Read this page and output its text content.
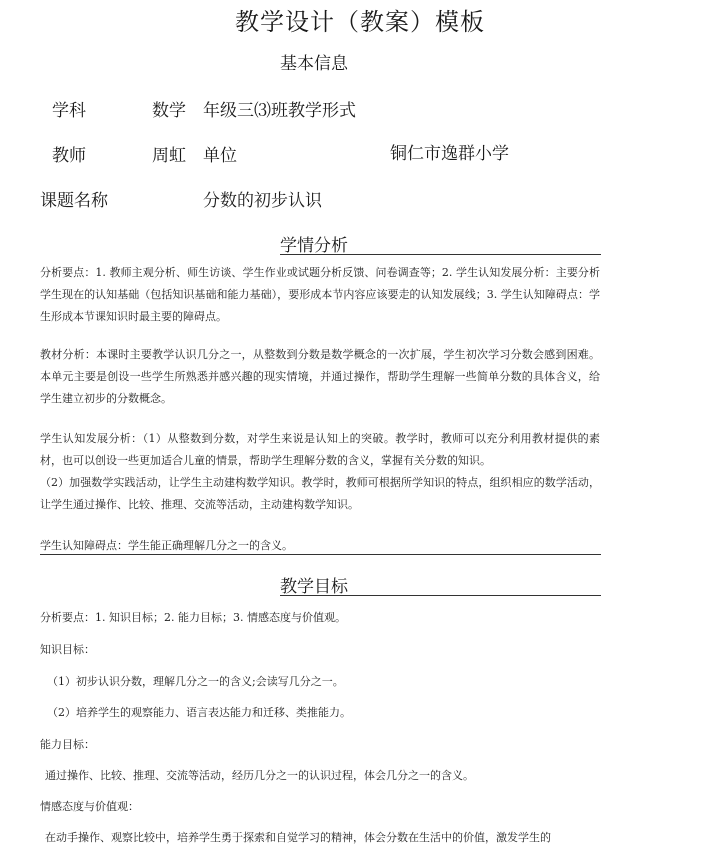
教学设计（教案）模板
基本信息
学科	数学 年级三⑶班教学形式
教师	周虹 单位	铜仁市逸群小学
课题名称	分数的初步认识
学情分析
分析要点：1. 教师主观分析、师生访谈、学生作业或试题分析反馈、问卷调查等；2. 学生认知发展分析：主要分析学生现在的认知基础（包括知识基础和能力基础），要形成本节内容应该要走的认知发展线；3. 学生认知障碍点：学生形成本节课知识时最主要的障碍点。
教材分析：本课时主要教学认识几分之一，从整数到分数是数学概念的一次扩展，学生初次学习分数会感到困难。本单元主要是创设一些学生所熟悉并感兴趣的现实情境，并通过操作，帮助学生理解一些简单分数的具体含义，给学生建立初步的分数概念。
学生认知发展分析：（1）从整数到分数，对学生来说是认知上的突破。教学时，教师可以充分利用教材提供的素材，也可以创设一些更加适合儿童的情景，帮助学生理解分数的含义，掌握有关分数的知识。
（2）加强数学实践活动，让学生主动建构数学知识。教学时，教师可根据所学知识的特点，组织相应的数学活动，让学生通过操作、比较、推理、交流等活动，主动建构数学知识。
学生认知障碍点：学生能正确理解几分之一的含义。
教学目标
分析要点：1. 知识目标；2. 能力目标；3. 情感态度与价值观。
知识目标：
（1）初步认识分数，理解几分之一的含义;会读写几分之一。
（2）培养学生的观察能力、语言表达能力和迁移、类推能力。
能力目标：
通过操作、比较、推理、交流等活动，经历几分之一的认识过程，体会几分之一的含义。
情感态度与价值观：
在动手操作、观察比较中，培养学生勇于探索和自觉学习的精神，体会分数在生活中的价值，激发学生的
